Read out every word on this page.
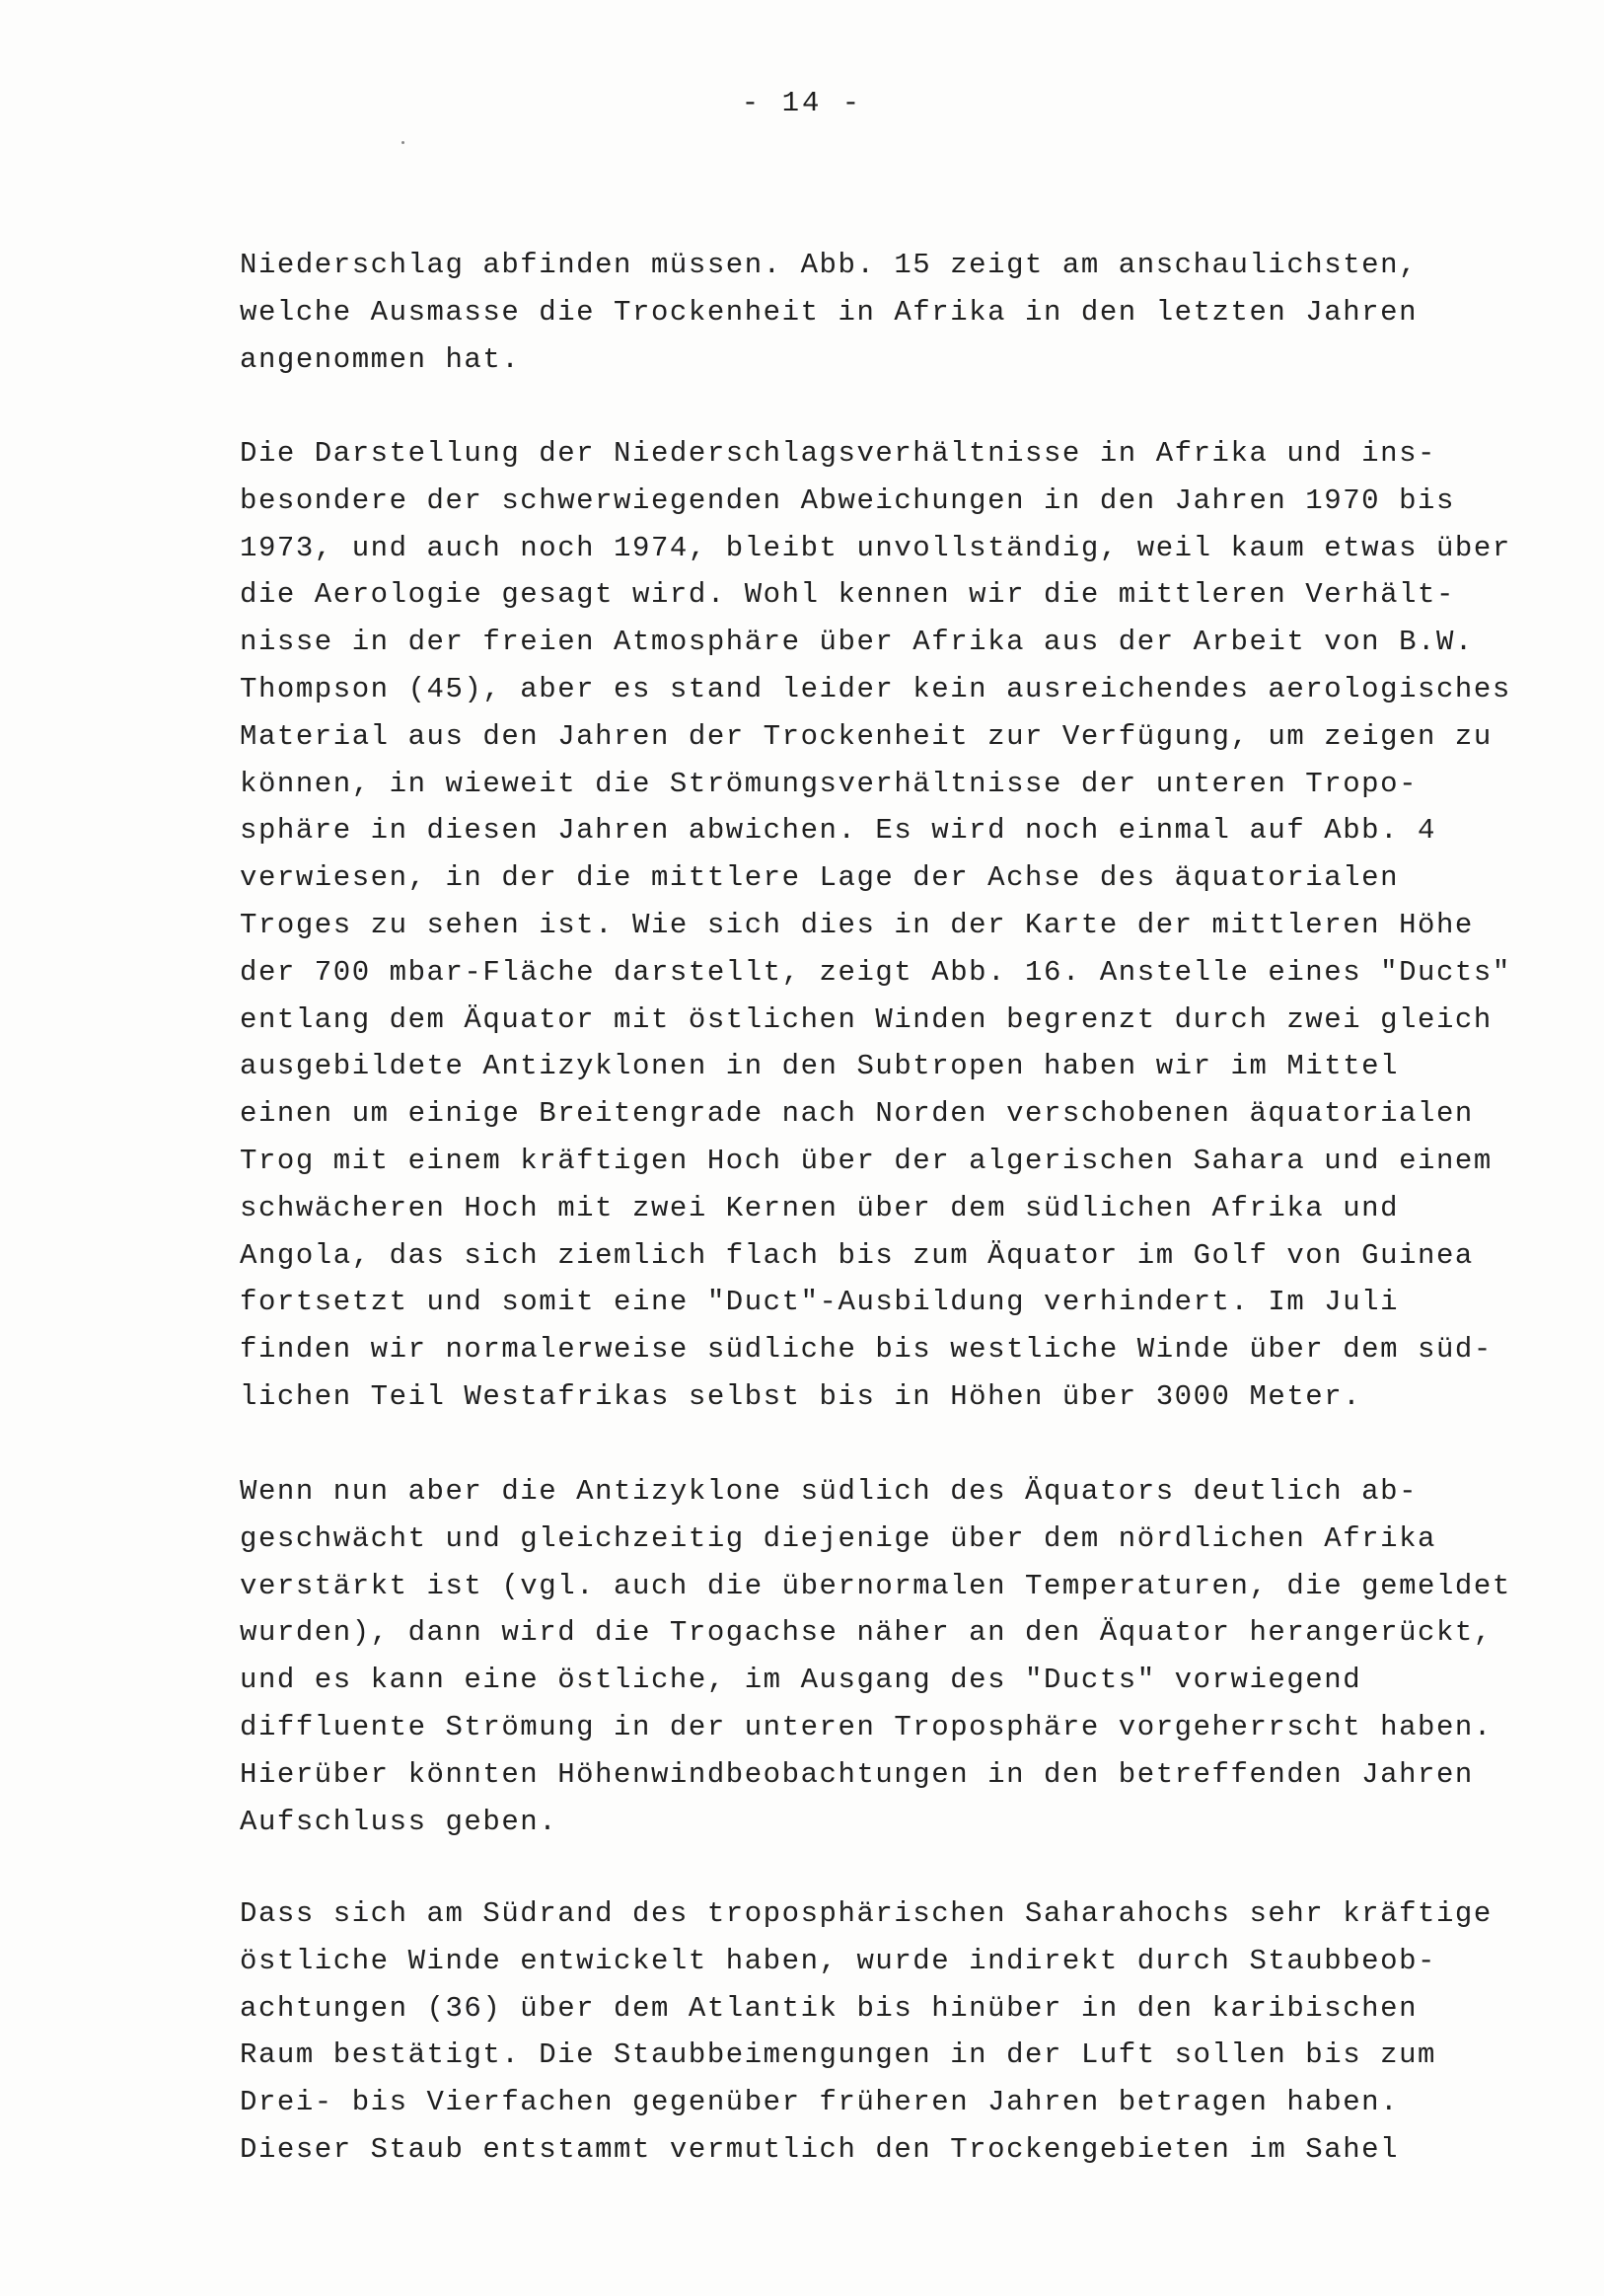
- 14 -
Niederschlag abfinden müssen. Abb. 15 zeigt am anschaulichsten,
welche Ausmasse die Trockenheit in Afrika in den letzten Jahren
angenommen hat.
Die Darstellung der Niederschlagsverhältnisse in Afrika und ins-
besondere der schwerwiegenden Abweichungen in den Jahren 1970 bis
1973, und auch noch 1974, bleibt unvollständig, weil kaum etwas über
die Aerologie gesagt wird. Wohl kennen wir die mittleren Verhält-
nisse in der freien Atmosphäre über Afrika aus der Arbeit von B.W.
Thompson (45), aber es stand leider kein ausreichendes aerologisches
Material aus den Jahren der Trockenheit zur Verfügung, um zeigen zu
können, in wieweit die Strömungsverhältnisse der unteren Tropo-
sphäre in diesen Jahren abwichen. Es wird noch einmal auf Abb. 4
verwiesen, in der die mittlere Lage der Achse des äquatorialen
Troges zu sehen ist. Wie sich dies in der Karte der mittleren Höhe
der 700 mbar-Fläche darstellt, zeigt Abb. 16. Anstelle eines "Ducts"
entlang dem Äquator mit östlichen Winden begrenzt durch zwei gleich
ausgebildete Antizyklonen in den Subtropen haben wir im Mittel
einen um einige Breitengrade nach Norden verschobenen äquatorialen
Trog mit einem kräftigen Hoch über der algerischen Sahara und einem
schwächeren Hoch mit zwei Kernen über dem südlichen Afrika und
Angola, das sich ziemlich flach bis zum Äquator im Golf von Guinea
fortsetzt und somit eine "Duct"-Ausbildung verhindert. Im Juli
finden wir normalerweise südliche bis westliche Winde über dem süd-
lichen Teil Westafrikas selbst bis in Höhen über 3000 Meter.
Wenn nun aber die Antizyklone südlich des Äquators deutlich ab-
geschwächt und gleichzeitig diejenige über dem nördlichen Afrika
verstärkt ist (vgl. auch die übernormalen Temperaturen, die gemeldet
wurden), dann wird die Trogachse näher an den Äquator herangerückt,
und es kann eine östliche, im Ausgang des "Ducts" vorwiegend
diffluente Strömung in der unteren Troposphäre vorgeherrscht haben.
Hierüber könnten Höhenwindbeobachtungen in den betreffenden Jahren
Aufschluss geben.
Dass sich am Südrand des troposphärischen Saharahochs sehr kräftige
östliche Winde entwickelt haben, wurde indirekt durch Staubbeob-
achtungen (36) über dem Atlantik bis hinüber in den karibischen
Raum bestätigt. Die Staubbeimengungen in der Luft sollen bis zum
Drei- bis Vierfachen gegenüber früheren Jahren betragen haben.
Dieser Staub entstammt vermutlich den Trockengebieten im Sahel
